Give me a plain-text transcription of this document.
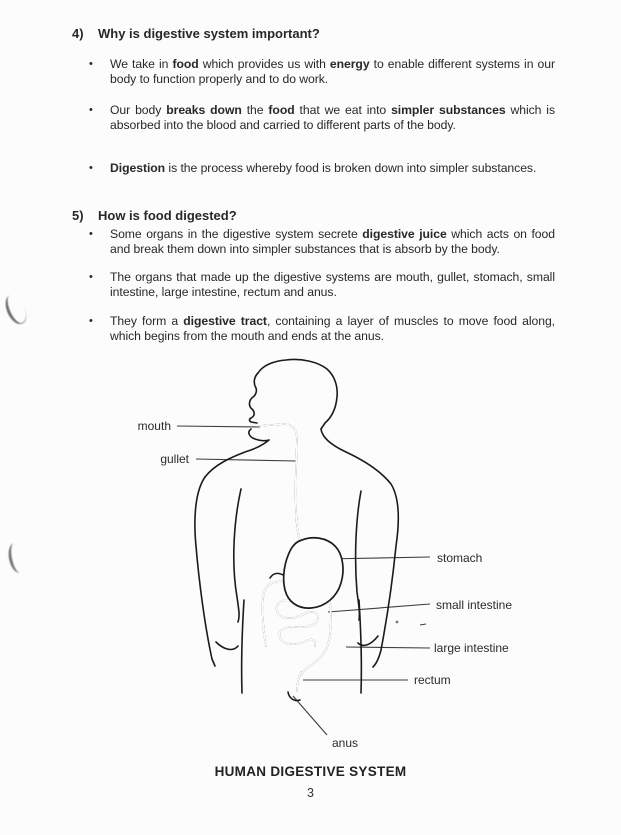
4)	Why is digestive system important?
•	We take in food which provides us with energy to enable different systems in our body to function properly and to do work.

•	Our body breaks down the food that we eat into simpler substances which is absorbed into the blood and carried to different parts of the body.

•	Digestion is the process whereby food is broken down into simpler substances.

5)	How is food digested?
•	Some organs in the digestive system secrete digestive juice which acts on food and break them down into simpler substances that is absorb by the body.

•	The organs that made up the digestive systems are mouth, gullet, stomach, small intestine, large intestine, rectum and anus.

•	They form a digestive tract, containing a layer of muscles to move food along, which begins from the mouth and ends at the anus.

mouth
gullet
stomach
small intestine
large intestine
rectum
anus
HUMAN DIGESTIVE SYSTEM
3
